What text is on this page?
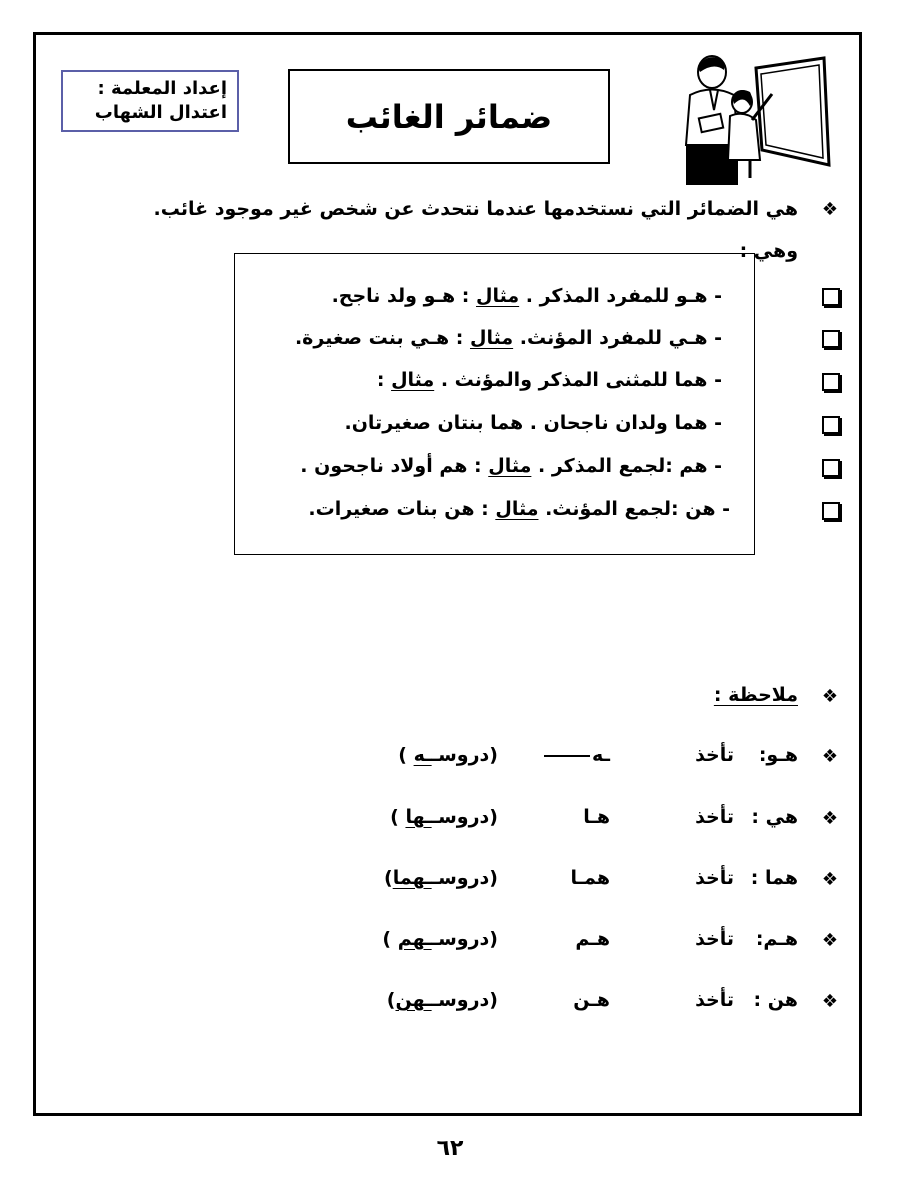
إعداد المعلمة :
اعتدال الشهاب	ضمائر الغائب
❖
هي الضمائر التي نستخدمها عندما نتحدث عن شخص غير موجود غائب.
وهي :
- هـو للمفرد المذكر . مثال : هـو ولد ناجح.
- هـي للمفرد المؤنث. مثال : هـي بنت صغيرة.
- هما للمثنى المذكر والمؤنث . مثال :
- هما ولدان ناجحان . هما بنتان صغيرتان.
- هم :لجمع المذكر . مثال : هم أولاد ناجحون .
- هن :لجمع المؤنث. مثال : هن بنات صغيرات.
❖
ملاحظة :
❖
هـو:
تأخذ
ـه
(دروســه )
❖
هي :
تأخذ
هـا
(دروســها )
❖
هما :
تأخذ
همـا
(دروســهما)
❖
هـم:
تأخذ
هـم
(دروســهم )
❖
هن :
تأخذ
هـن
(دروســهن)
٦٢
